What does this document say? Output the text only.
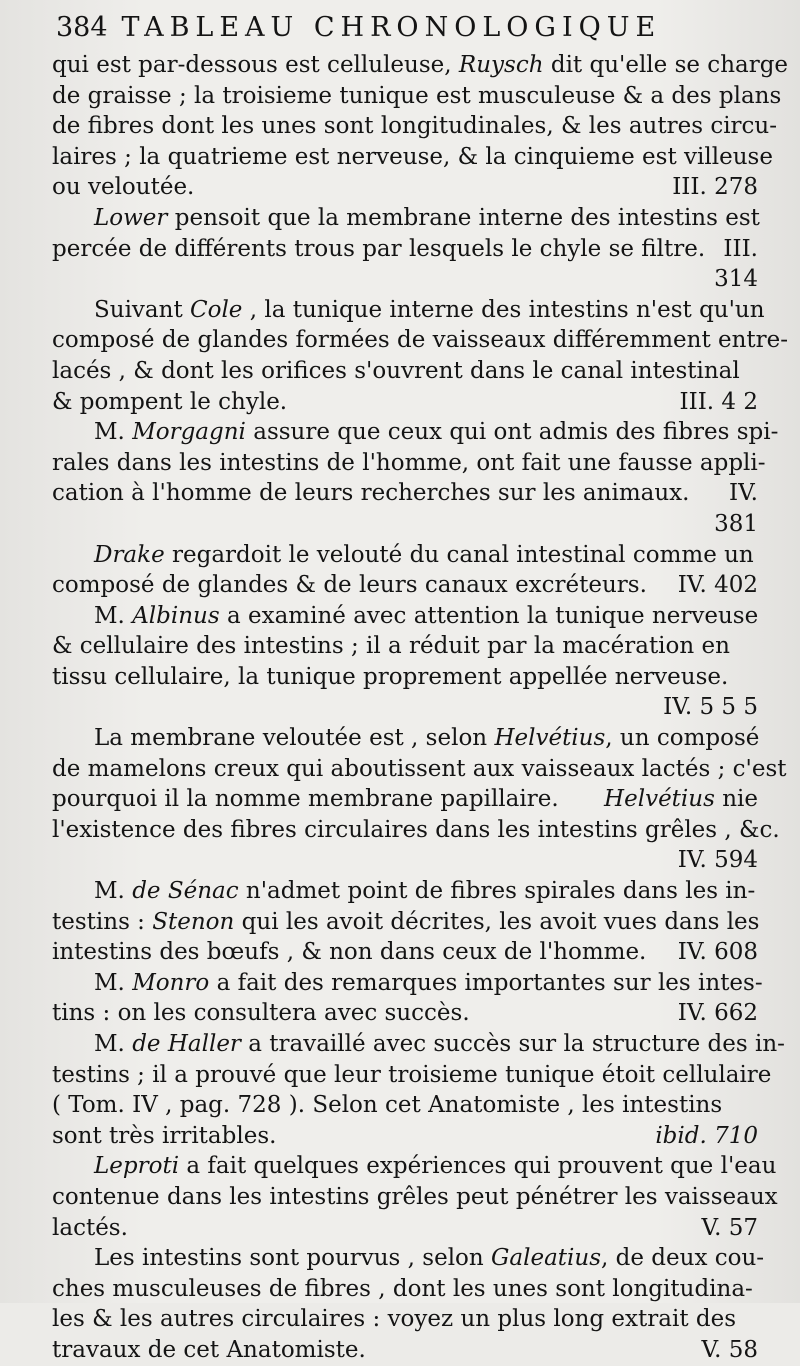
384 TABLEAU CHRONOLOGIQUE
qui est par-dessous est celluleuse, Ruysch dit qu'elle se charge
de graisse ; la troisieme tunique est musculeuse & a des plans
de fibres dont les unes sont longitudinales, & les autres circu-
laires ; la quatrieme est nerveuse, & la cinquieme est villeuse
ou veloutée.	III. 278
Lower pensoit que la membrane interne des intestins est
percée de différents trous par lesquels le chyle se filtre. III.
314
Suivant Cole , la tunique interne des intestins n'est qu'un
composé de glandes formées de vaisseaux différemment entre-
lacés , & dont les orifices s'ouvrent dans le canal intestinal
& pompent le chyle.	III. 4 2
M. Morgagni assure que ceux qui ont admis des fibres spi-
rales dans les intestins de l'homme, ont fait une fausse appli-
cation à l'homme de leurs recherches sur les animaux. IV.
381
Drake regardoit le velouté du canal intestinal comme un
composé de glandes & de leurs canaux excréteurs. IV. 402
M. Albinus a examiné avec attention la tunique nerveuse
& cellulaire des intestins ; il a réduit par la macération en
tissu cellulaire, la tunique proprement appellée nerveuse.
IV. 5 5 5
La membrane veloutée est , selon Helvétius, un composé
de mamelons creux qui aboutissent aux vaisseaux lactés ; c'est
pourquoi il la nomme membrane papillaire. Helvétius nie
l'existence des fibres circulaires dans les intestins grêles , &c.
IV. 594
M. de Sénac n'admet point de fibres spirales dans les in-
testins : Stenon qui les avoit décrites, les avoit vues dans les
intestins des bœufs , & non dans ceux de l'homme. IV. 608
M. Monro a fait des remarques importantes sur les intes-
tins : on les consultera avec succès.	IV. 662
M. de Haller a travaillé avec succès sur la structure des in-
testins ; il a prouvé que leur troisieme tunique étoit cellulaire
( Tom. IV , pag. 728 ). Selon cet Anatomiste , les intestins
sont très irritables.	ibid. 710
Leproti a fait quelques expériences qui prouvent que l'eau
contenue dans les intestins grêles peut pénétrer les vaisseaux
lactés.	V. 57
Les intestins sont pourvus , selon Galeatius, de deux cou-
ches musculeuses de fibres , dont les unes sont longitudina-
les & les autres circulaires : voyez un plus long extrait des
travaux de cet Anatomiste.	V. 58
